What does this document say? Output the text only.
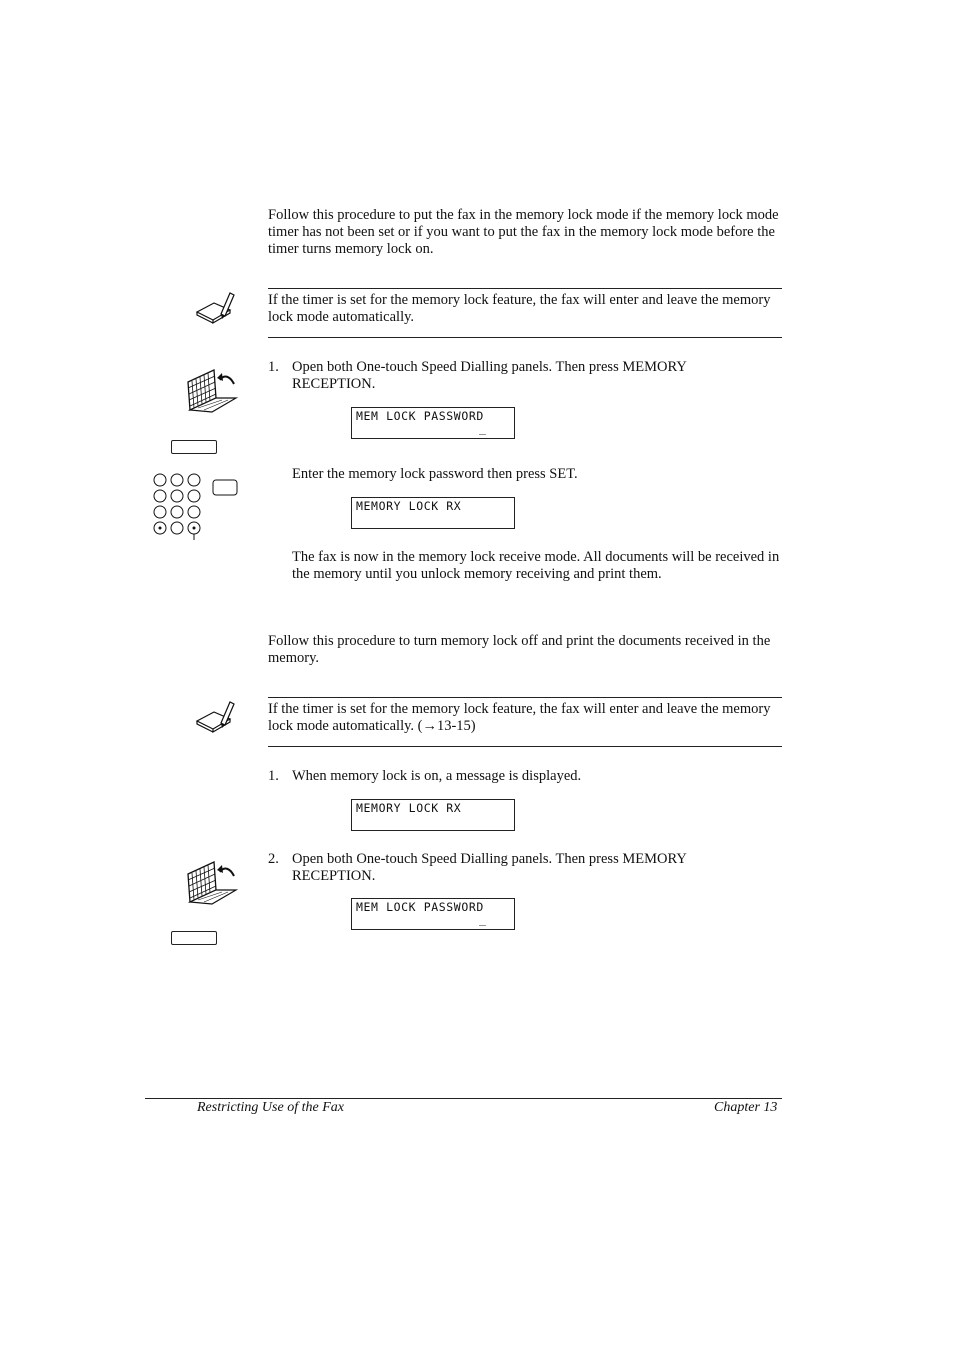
Follow this procedure to put the fax in the memory lock mode if the memory lock mode timer has not been set or if you want to put the fax in the memory lock mode before the timer turns memory lock on.

If the timer is set for the memory lock feature, the fax will enter and leave the memory lock mode automatically.

1. Open both One-touch Speed Dialling panels. Then press MEMORY RECEPTION.

MEM LOCK PASSWORD
_

Enter the memory lock password then press SET.

MEMORY LOCK RX

The fax is now in the memory lock receive mode. All documents will be received in the memory until you unlock memory receiving and print them.

Follow this procedure to turn memory lock off and print the documents received in the memory.

If the timer is set for the memory lock feature, the fax will enter and leave the memory lock mode automatically. (→13-15)

1. When memory lock is on, a message is displayed.

MEMORY LOCK RX
2. Open both One-touch Speed Dialling panels. Then press MEMORY RECEPTION.

MEM LOCK PASSWORD
_
Restricting Use of the Fax	Chapter 13
